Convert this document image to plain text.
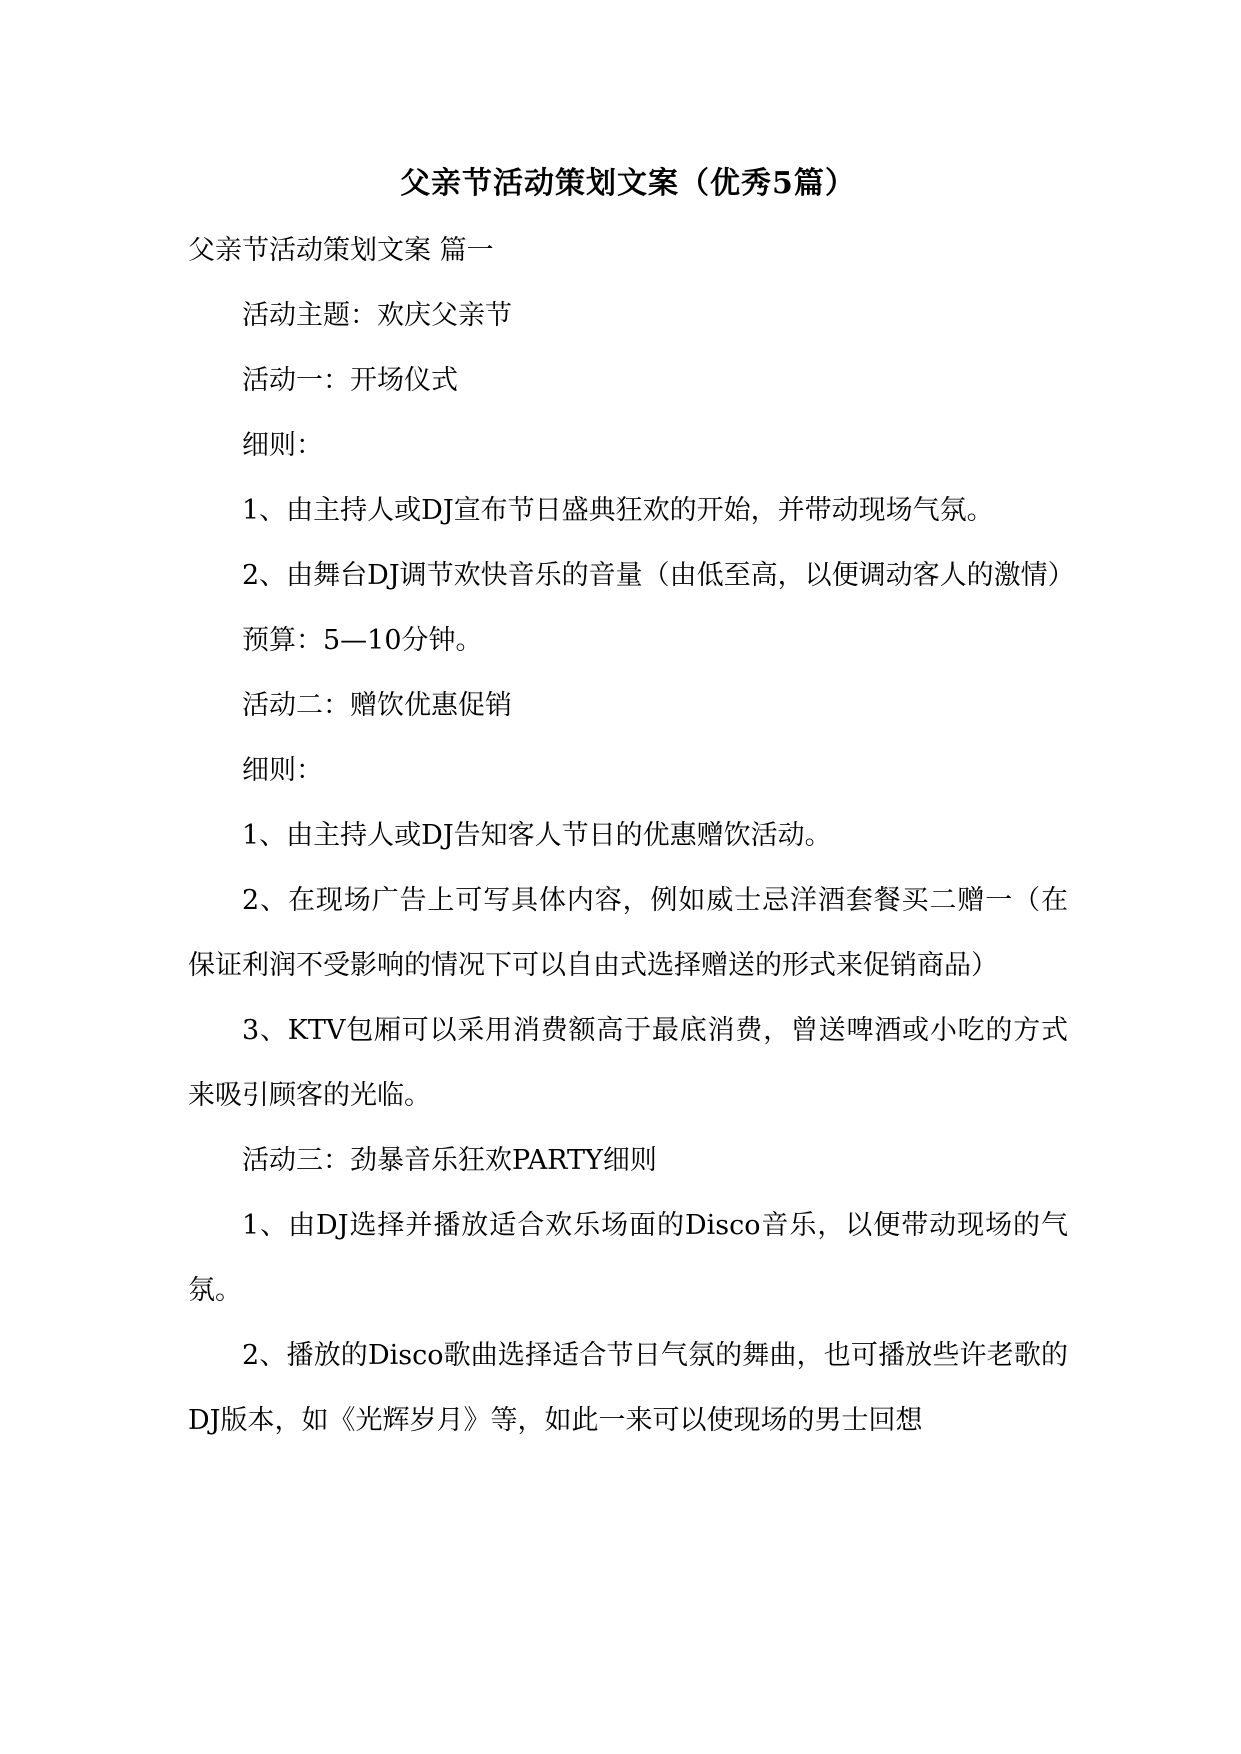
父亲节活动策划文案（优秀5篇）

父亲节活动策划文案 篇一

活动主题：欢庆父亲节

活动一：开场仪式

细则：

1、由主持人或DJ宣布节日盛典狂欢的开始，并带动现场气氛。

2、由舞台DJ调节欢快音乐的音量（由低至高，以便调动客人的激情）

预算：5—10分钟。

活动二：赠饮优惠促销

细则：

1、由主持人或DJ告知客人节日的优惠赠饮活动。

2、在现场广告上可写具体内容，例如威士忌洋酒套餐买二赠一（在保证利润不受影响的情况下可以自由式选择赠送的形式来促销商品）

3、KTV包厢可以采用消费额高于最底消费，曾送啤酒或小吃的方式来吸引顾客的光临。

活动三：劲暴音乐狂欢PARTY细则

1、由DJ选择并播放适合欢乐场面的Disco音乐，以便带动现场的气氛。

2、播放的Disco歌曲选择适合节日气氛的舞曲，也可播放些许老歌的DJ版本，如《光辉岁月》等，如此一来可以使现场的男士回想
